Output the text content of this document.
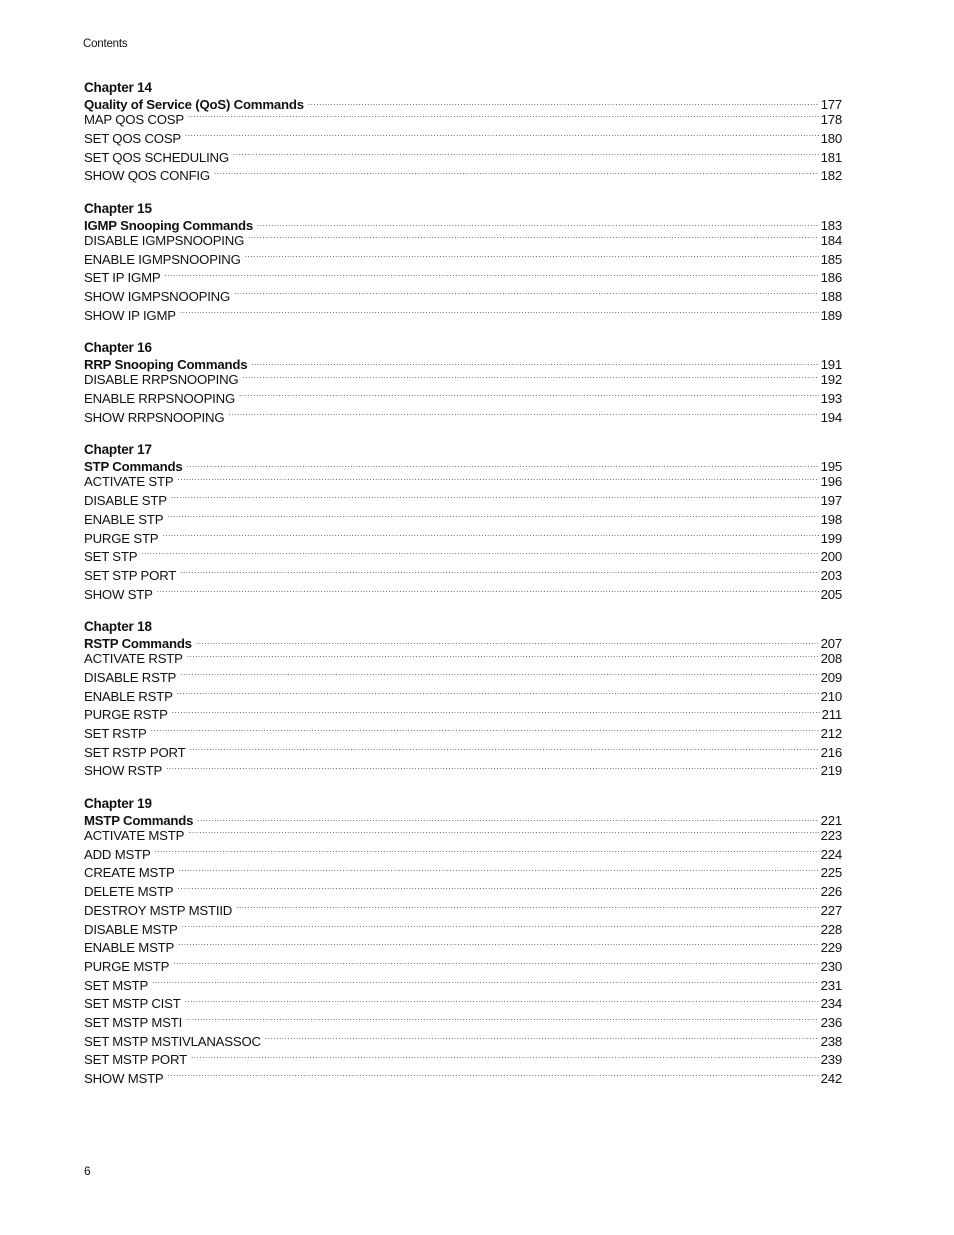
Contents
Chapter 14
Quality of Service (QoS) Commands .....	177
MAP QOS COSP .....	178
SET QOS COSP .....	180
SET QOS SCHEDULING .....	181
SHOW QOS CONFIG .....	182
Chapter 15
IGMP Snooping Commands .....	183
DISABLE IGMPSNOOPING .....	184
ENABLE IGMPSNOOPING .....	185
SET IP IGMP .....	186
SHOW IGMPSNOOPING .....	188
SHOW IP IGMP .....	189
Chapter 16
RRP Snooping Commands .....	191
DISABLE RRPSNOOPING .....	192
ENABLE RRPSNOOPING .....	193
SHOW RRPSNOOPING .....	194
Chapter 17
STP Commands .....	195
ACTIVATE STP .....	196
DISABLE STP .....	197
ENABLE STP .....	198
PURGE STP .....	199
SET STP .....	200
SET STP PORT .....	203
SHOW STP .....	205
Chapter 18
RSTP Commands .....	207
ACTIVATE RSTP .....	208
DISABLE RSTP .....	209
ENABLE RSTP .....	210
PURGE RSTP .....	211
SET RSTP .....	212
SET RSTP PORT .....	216
SHOW RSTP .....	219
Chapter 19
MSTP Commands .....	221
ACTIVATE MSTP .....	223
ADD MSTP .....	224
CREATE MSTP .....	225
DELETE MSTP .....	226
DESTROY MSTP MSTIID .....	227
DISABLE MSTP .....	228
ENABLE MSTP .....	229
PURGE MSTP .....	230
SET MSTP .....	231
SET MSTP CIST .....	234
SET MSTP MSTI .....	236
SET MSTP MSTIVLANASSOC .....	238
SET MSTP PORT .....	239
SHOW MSTP .....	242
6
